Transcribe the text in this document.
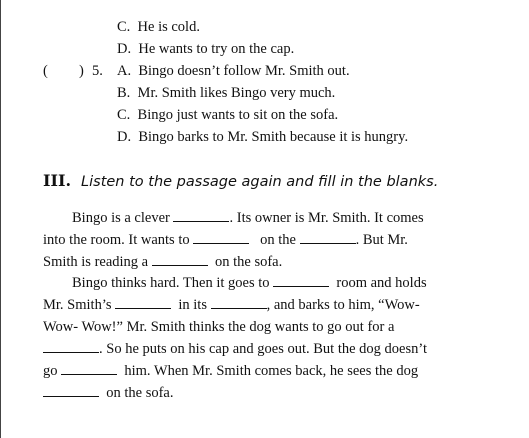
C. He is cold.
D. He wants to try on the cap.
( ) 5. A. Bingo doesn’t follow Mr. Smith out.
B. Mr. Smith likes Bingo very much.
C. Bingo just wants to sit on the sofa.
D. Bingo barks to Mr. Smith because it is hungry.
III. Listen to the passage again and fill in the blanks.
Bingo is a clever	. Its owner is Mr. Smith. It comes
into the room. It wants to	on the	. But Mr.
Smith is reading a	on the sofa.
Bingo thinks hard. Then it goes to	room and holds
Mr. Smith’s	in its	, and barks to him, “Wow-
Wow- Wow!” Mr. Smith thinks the dog wants to go out for a
. So he puts on his cap and goes out. But the dog doesn’t
go	him. When Mr. Smith comes back, he sees the dog
on the sofa.
